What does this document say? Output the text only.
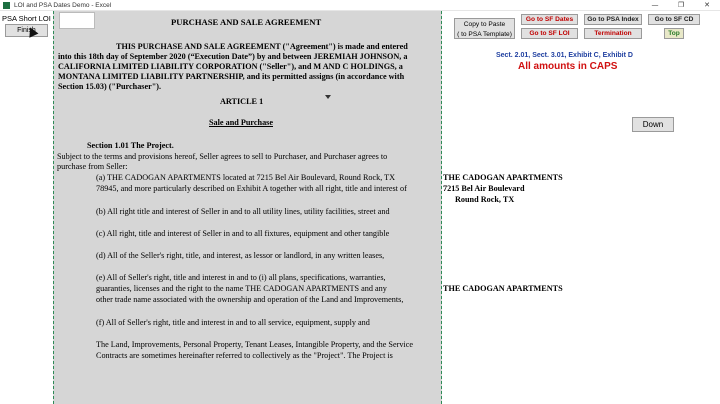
LOI and PSA Dates Demo - Excel	—	❐	✕
PSA Short LOI
Finish
PURCHASE AND SALE AGREEMENT
THIS PURCHASE AND SALE AGREEMENT ("Agreement") is made and entered
into this 18th day of September 2020 (“Execution Date”) by and between JEREMIAH JOHNSON, a
CALIFORNIA LIMITED LIABILITY CORPORATION ("Seller"), and M AND C HOLDINGS, a
MONTANA LIMITED LIABILITY PARTNERSHIP, and its permitted assigns (in accordance with
Section 15.03) ("Purchaser").
ARTICLE 1
Sale and Purchase
Section 1.01 The Project.
Subject to the terms and provisions hereof, Seller agrees to sell to Purchaser, and Purchaser agrees to
purchase from Seller:
(a) THE CADOGAN APARTMENTS located at 7215 Bel Air Boulevard, Round Rock, TX
78945, and more particularly described on Exhibit A together with all right, title and interest of
(b) All right title and interest of Seller in and to all utility lines, utility facilities, street and
(c) All right, title and interest of Seller in and to all fixtures, equipment and other tangible
(d) All of the Seller's right, title, and interest, as lessor or landlord, in any written leases,
(e) All of Seller's right, title and interest in and to (i) all plans, specifications, warranties,
guaranties, licenses and the right to the name THE CADOGAN APARTMENTS and any
other trade name associated with the ownership and operation of the Land and Improvements,
(f) All of Seller's right, title and interest in and to all service, equipment, supply and
The Land, Improvements, Personal Property, Tenant Leases, Intangible Property, and the Service
Contracts are sometimes hereinafter referred to collectively as the "Project". The Project is
Copy to Paste
( to PSA Template)
Go to SF Dates	Go to PSA Index	Go to SF CD
Go to SF LOI	Termination	Top
Sect. 2.01, Sect. 3.01, Exhibit C, Exhibit D
All amounts in CAPS
Down
THE CADOGAN APARTMENTS
7215 Bel Air Boulevard
Round Rock, TX
THE CADOGAN APARTMENTS
